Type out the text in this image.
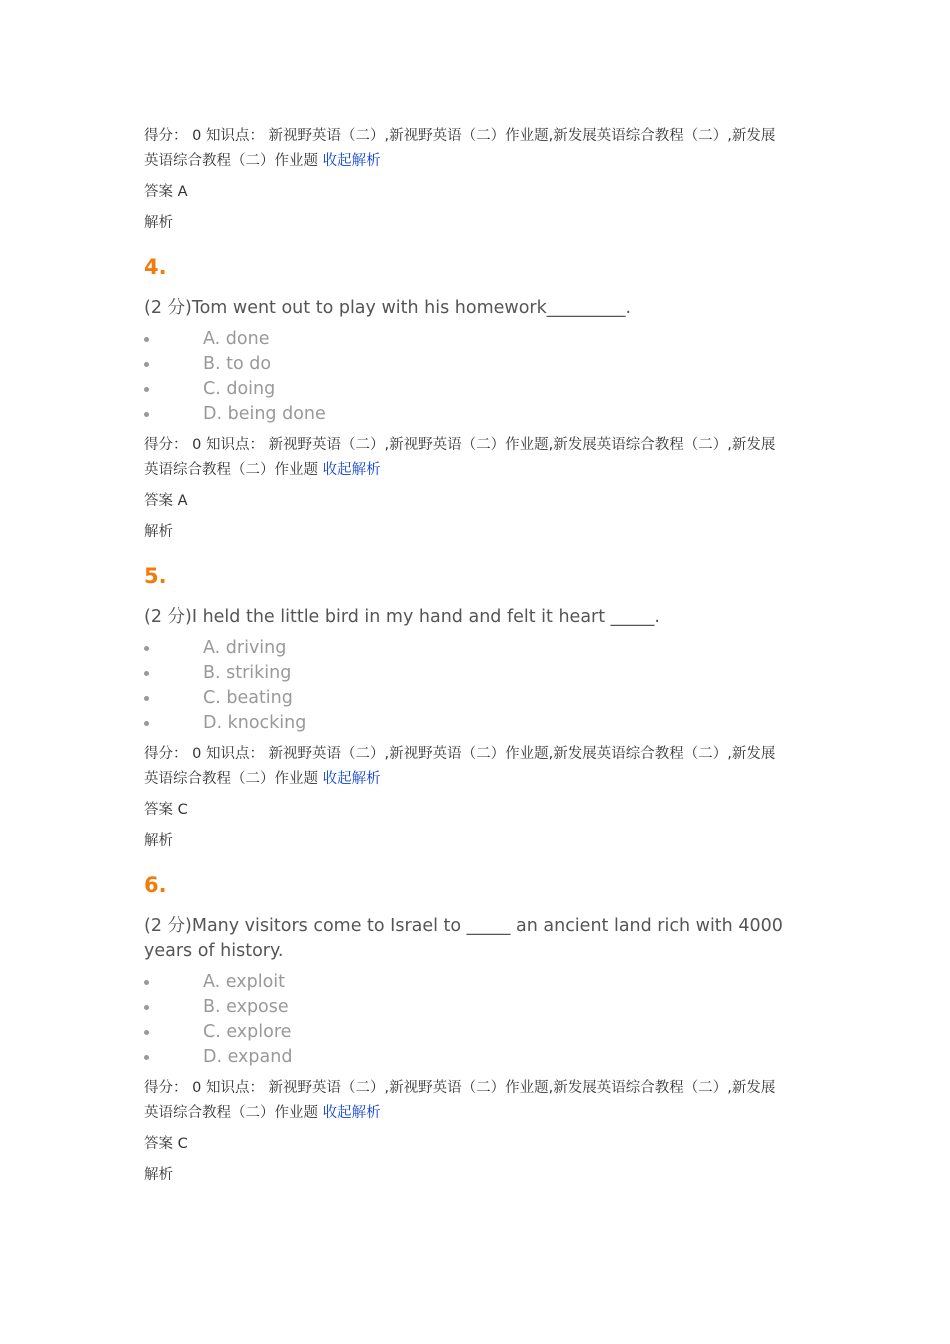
得分： 0 知识点： 新视野英语（二）,新视野英语（二）作业题,新发展英语综合教程（二）,新发展
英语综合教程（二）作业题 收起解析

答案 A

解析

4.

(2 分)Tom went out to play with his homework_________.

A. done
B. to do
C. doing
D. being done

得分： 0 知识点： 新视野英语（二）,新视野英语（二）作业题,新发展英语综合教程（二）,新发展
英语综合教程（二）作业题 收起解析

答案 A

解析

5.

(2 分)I held the little bird in my hand and felt it heart _____.

A. driving
B. striking
C. beating
D. knocking

得分： 0 知识点： 新视野英语（二）,新视野英语（二）作业题,新发展英语综合教程（二）,新发展
英语综合教程（二）作业题 收起解析

答案 C

解析

6.

(2 分)Many visitors come to Israel to _____ an ancient land rich with 4000 years of history.

A. exploit
B. expose
C. explore
D. expand

得分： 0 知识点： 新视野英语（二）,新视野英语（二）作业题,新发展英语综合教程（二）,新发展
英语综合教程（二）作业题 收起解析

答案 C

解析
